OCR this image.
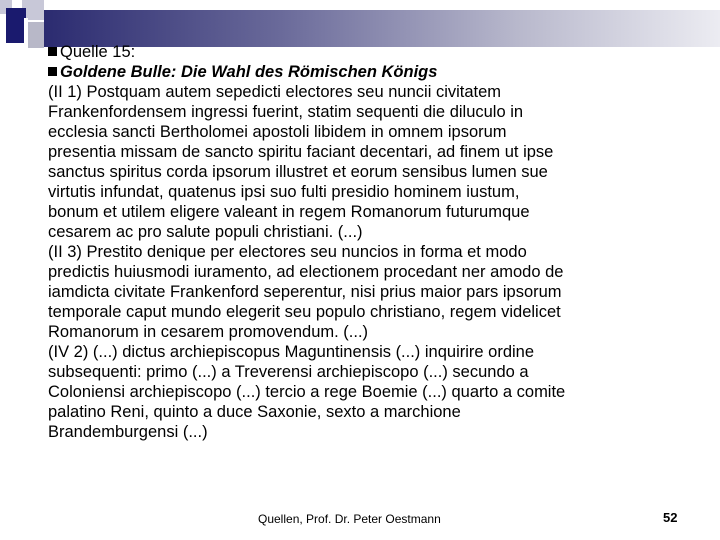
Quelle 15:
Goldene Bulle: Die Wahl des Römischen Königs
(II 1) Postquam autem sepedicti electores seu nuncii civitatem
Frankenfordensem ingressi fuerint, statim sequenti die diluculo in
ecclesia sancti Bertholomei apostoli libidem in omnem ipsorum
presentia missam de sancto spiritu faciant decentari, ad finem ut ipse
sanctus spiritus corda ipsorum illustret et eorum sensibus lumen sue
virtutis infundat, quatenus ipsi suo fulti presidio hominem iustum,
bonum et utilem eligere valeant in regem Romanorum futurumque
cesarem ac pro salute populi christiani. (...)
(II 3) Prestito denique per electores seu nuncios in forma et modo
predictis huiusmodi iuramento, ad electionem procedant ner amodo de
iamdicta civitate Frankenford seperentur, nisi prius maior pars ipsorum
temporale caput mundo elegerit seu populo christiano, regem videlicet
Romanorum in cesarem promovendum. (...)
(IV 2) (...) dictus archiepiscopus Maguntinensis (...) inquirire ordine
subsequenti: primo (...) a Treverensi archiepiscopo (...) secundo a
Coloniensi archiepiscopo (...) tercio a rege Boemie (...) quarto a comite
palatino Reni, quinto a duce Saxonie, sexto a marchione
Brandemburgensi (...)
Quellen, Prof. Dr. Peter Oestmann	52
